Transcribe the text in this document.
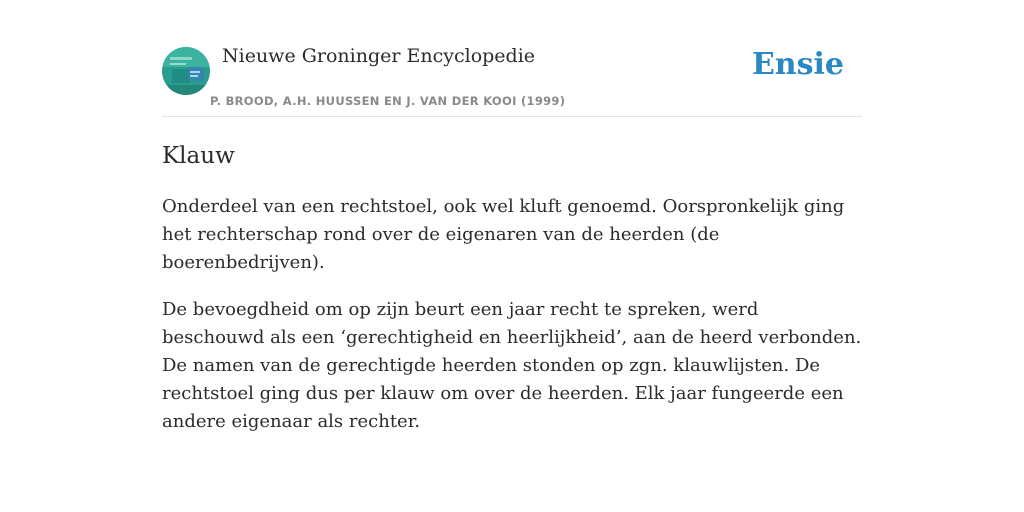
Nieuwe Groninger Encyclopedie
P. BROOD, A.H. HUUSSEN EN J. VAN DER KOOI (1999)
Ensie
Klauw

Onderdeel van een rechtstoel, ook wel kluft genoemd. Oorspronkelijk ging het rechterschap rond over de eigenaren van de heerden (de boerenbedrijven).

De bevoegdheid om op zijn beurt een jaar recht te spreken, werd beschouwd als een ‘gerechtigheid en heerlijkheid’, aan de heerd verbonden. De namen van de gerechtigde heerden stonden op zgn. klauwlijsten. De rechtstoel ging dus per klauw om over de heerden. Elk jaar fungeerde een andere eigenaar als rechter.
